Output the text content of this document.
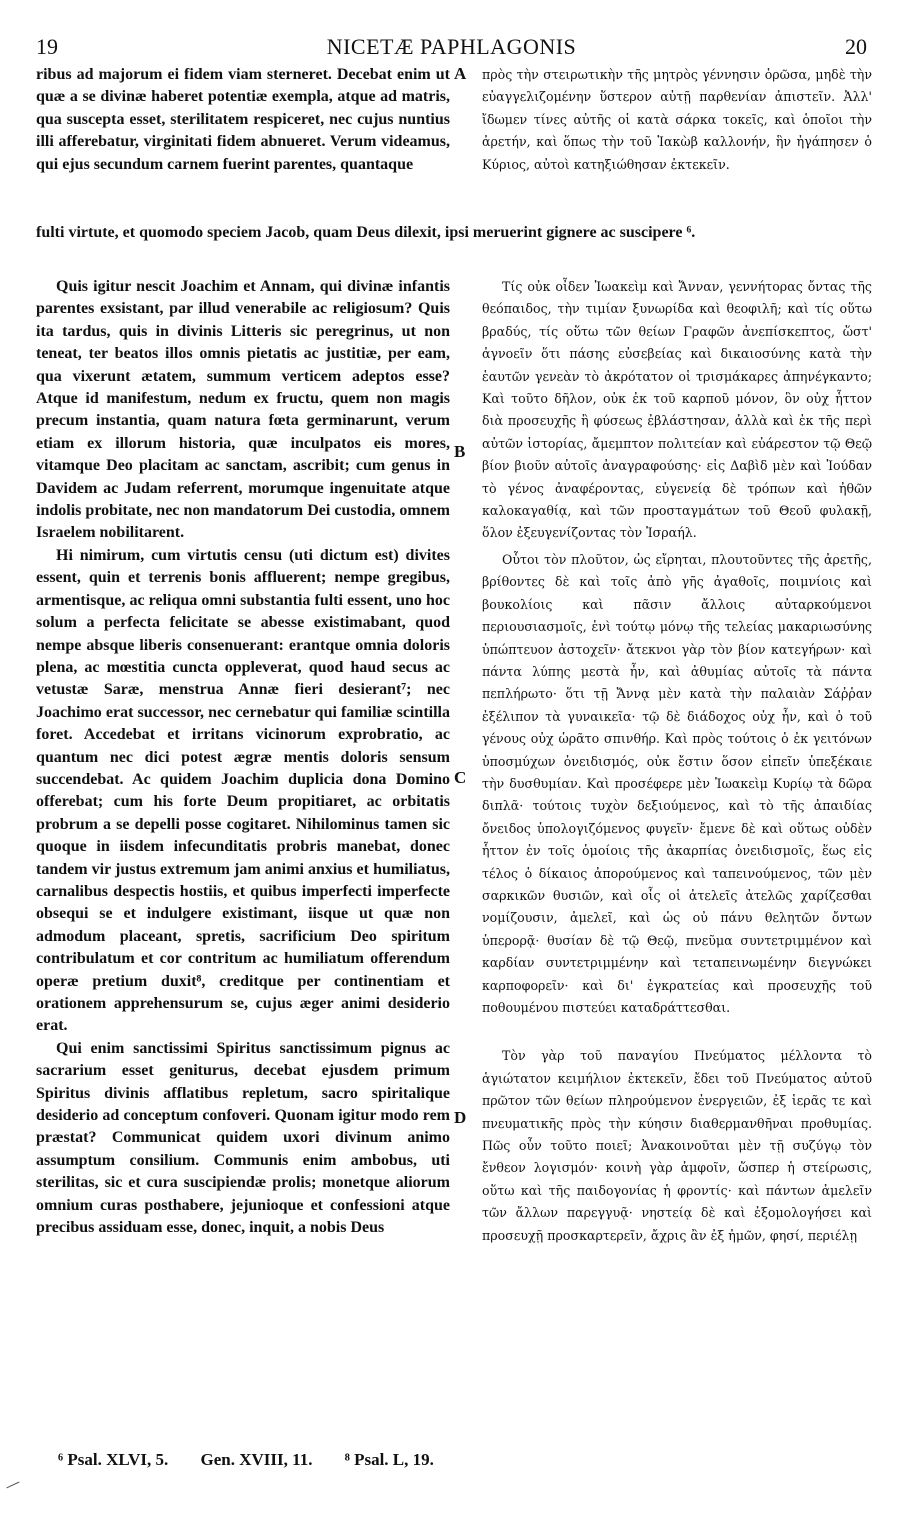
19	NICETÆ PAPHLAGONIS	20

ribus ad majorum ei fidem viam sterneret. Decebat enim ut quæ a se divinæ haberet potentiæ exempla, atque ad matris, qua suscepta esset, sterilitatem respiceret, nec cujus nuntius illi afferebatur, virginitati fidem abnueret. Verum videamus, qui ejus secundum carnem fuerint parentes, quantaque

πρὸς τὴν στειρωτικὴν τῆς μητρὸς γέννησιν ὁρῶσα, μηδὲ τὴν εὐαγγελιζομένην ὕστερον αὐτῇ παρθενίαν ἀπιστεῖν. Ἀλλ' ἴδωμεν τίνες αὐτῆς οἱ κατὰ σάρκα τοκεῖς, καὶ ὁποῖοι τὴν ἀρετήν, καὶ ὅπως τὴν τοῦ Ἰακὼβ καλλονήν, ἣν ἠγάπησεν ὁ Κύριος, αὐτοὶ κατηξιώθησαν ἐκτεκεῖν.

fulti virtute, et quomodo speciem Jacob, quam Deus dilexit, ipsi meruerint gignere ac suscipere ⁶.

Quis igitur nescit Joachim et Annam, qui divinæ infantis parentes exsistant, par illud venerabile ac religiosum? Quis ita tardus, quis in divinis Litteris sic peregrinus, ut non teneat, ter beatos illos omnis pietatis ac justitiæ, per eam, qua vixerunt ætatem, summum verticem adeptos esse? Atque id manifestum, nedum ex fructu, quem non magis precum instantia, quam natura fœta germinarunt, verum etiam ex illorum historia, quæ inculpatos eis mores, vitamque Deo placitam ac sanctam, ascribit; cum genus in Davidem ac Judam referrent, morumque ingenuitate atque indolis probitate, nec non mandatorum Dei custodia, omnem Israelem nobilitarent.

Hi nimirum, cum virtutis censu (uti dictum est) divites essent, quin et terrenis bonis affluerent; nempe gregibus, armentisque, ac reliqua omni substantia fulti essent, uno hoc solum a perfecta felicitate se abesse existimabant, quod nempe absque liberis consenuerant: erantque omnia doloris plena, ac mœstitia cuncta oppleverat, quod haud secus ac vetustæ Saræ, menstrua Annæ fieri desierant⁷; nec Joachimo erat successor, nec cernebatur qui familiæ scintilla foret. Accedebat et irritans vicinorum exprobratio, ac quantum nec dici potest ægræ mentis doloris sensum succendebat. Ac quidem Joachim duplicia dona Domino offerebat; cum his forte Deum propitiaret, ac orbitatis probrum a se depelli posse cogitaret. Nihilominus tamen sic quoque in iisdem infecunditatis probris manebat, donec tandem vir justus extremum jam animi anxius et humiliatus, carnalibus despectis hostiis, et quibus imperfecti imperfecte obsequi se et indulgere existimant, iisque ut quæ non admodum placeant, spretis, sacrificium Deo spiritum contribulatum et cor contritum ac humiliatum offerendum operæ pretium duxit⁸, creditque per continentiam et orationem apprehensurum se, cujus æger animi desiderio erat.

Qui enim sanctissimi Spiritus sanctissimum pignus ac sacrarium esset geniturus, decebat ejusdem primum Spiritus divinis afflatibus repletum, sacro spiritalique desiderio ad conceptum confoveri. Quonam igitur modo rem præstat? Communicat quidem uxori divinum animo assumptum consilium. Communis enim ambobus, uti sterilitas, sic et cura suscipiendæ prolis; monetque aliorum omnium curas posthabere, jejunioque et confessioni atque precibus assiduam esse, donec, inquit, a nobis Deus

Τίς οὐκ οἶδεν Ἰωακεὶμ καὶ Ἄνναν, γεννήτορας ὄντας τῆς θεόπαιδος, τὴν τιμίαν ξυνωρίδα καὶ θεοφιλῆ; καὶ τίς οὕτω βραδύς, τίς οὕτω τῶν θείων Γραφῶν ἀνεπίσκεπτος, ὥστ' ἀγνοεῖν ὅτι πάσης εὐσεβείας καὶ δικαιοσύνης κατὰ τὴν ἑαυτῶν γενεὰν τὸ ἀκρότατον οἱ τρισμάκαρες ἀπηνέγκαντο; Καὶ τοῦτο δῆλον, οὐκ ἐκ τοῦ καρποῦ μόνον, ὃν οὐχ ἧττον διὰ προσευχῆς ἢ φύσεως ἐβλάστησαν, ἀλλὰ καὶ ἐκ τῆς περὶ αὐτῶν ἱστορίας, ἄμεμπτον πολιτείαν καὶ εὐάρεστον τῷ Θεῷ βίον βιοῦν αὐτοῖς ἀναγραφούσης· εἰς Δαβὶδ μὲν καὶ Ἰούδαν τὸ γένος ἀναφέροντας, εὐγενείᾳ δὲ τρόπων καὶ ἠθῶν καλοκαγαθίᾳ, καὶ τῶν προσταγμάτων τοῦ Θεοῦ φυλακῇ, ὅλον ἐξευγενίζοντας τὸν Ἰσραήλ.

Οὗτοι τὸν πλοῦτον, ὡς εἴρηται, πλουτοῦντες τῆς ἀρετῆς, βρίθοντες δὲ καὶ τοῖς ἀπὸ γῆς ἀγαθοῖς, ποιμνίοις καὶ βουκολίοις καὶ πᾶσιν ἄλλοις αὐταρκούμενοι περιουσιασμοῖς, ἑνὶ τούτῳ μόνῳ τῆς τελείας μακαριωσύνης ὑπώπτευον ἀστοχεῖν· ἄτεκνοι γὰρ τὸν βίον κατεγήρων· καὶ πάντα λύπης μεστὰ ἦν, καὶ ἀθυμίας αὐτοῖς τὰ πάντα πεπλήρωτο· ὅτι τῇ Ἄννᾳ μὲν κατὰ τὴν παλαιὰν Σάῤῥαν ἐξέλιπον τὰ γυναικεῖα· τῷ δὲ διάδοχος οὐχ ἦν, καὶ ὁ τοῦ γένους οὐχ ὡρᾶτο σπινθήρ. Καὶ πρὸς τούτοις ὁ ἐκ γειτόνων ὑποσμύχων ὀνειδισμός, οὐκ ἔστιν ὅσον εἰπεῖν ὑπεξέκαιε τὴν δυσθυμίαν. Καὶ προσέφερε μὲν Ἰωακεὶμ Κυρίῳ τὰ δῶρα διπλᾶ· τούτοις τυχὸν δεξιούμενος, καὶ τὸ τῆς ἀπαιδίας ὄνειδος ὑπολογιζόμενος φυγεῖν· ἔμενε δὲ καὶ οὕτως οὐδὲν ἧττον ἐν τοῖς ὁμοίοις τῆς ἀκαρπίας ὀνειδισμοῖς, ἕως εἰς τέλος ὁ δίκαιος ἀπορούμενος καὶ ταπεινούμενος, τῶν μὲν σαρκικῶν θυσιῶν, καὶ οἷς οἱ ἀτελεῖς ἀτελῶς χαρίζεσθαι νομίζουσιν, ἀμελεῖ, καὶ ὡς οὐ πάνυ θελητῶν ὄντων ὑπερορᾷ· θυσίαν δὲ τῷ Θεῷ, πνεῦμα συντετριμμένον καὶ καρδίαν συντετριμμένην καὶ τεταπεινωμένην διεγνώκει καρποφορεῖν· καὶ δι' ἐγκρατείας καὶ προσευχῆς τοῦ ποθουμένου πιστεύει καταδράττεσθαι.

Τὸν γὰρ τοῦ παναγίου Πνεύματος μέλλοντα τὸ ἁγιώτατον κειμήλιον ἐκτεκεῖν, ἔδει τοῦ Πνεύματος αὐτοῦ πρῶτον τῶν θείων πληρούμενον ἐνεργειῶν, ἐξ ἱερᾶς τε καὶ πνευματικῆς πρὸς τὴν κύησιν διαθερμανθῆναι προθυμίας. Πῶς οὖν τοῦτο ποιεῖ; Ἀνακοινοῦται μὲν τῇ συζύγῳ τὸν ἔνθεον λογισμόν· κοινὴ γὰρ ἀμφοῖν, ὥσπερ ἡ στείρωσις, οὕτω καὶ τῆς παιδογονίας ἡ φροντίς· καὶ πάντων ἀμελεῖν τῶν ἄλλων παρεγγυᾷ· νηστείᾳ δὲ καὶ ἐξομολογήσει καὶ προσευχῇ προσκαρτερεῖν, ἄχρις ἂν ἐξ ἡμῶν, φησί, περιέλῃ

A
B
C
D
⁶ Psal. XLVI, 5. Gen. XVIII, 11. ⁸ Psal. L, 19.
